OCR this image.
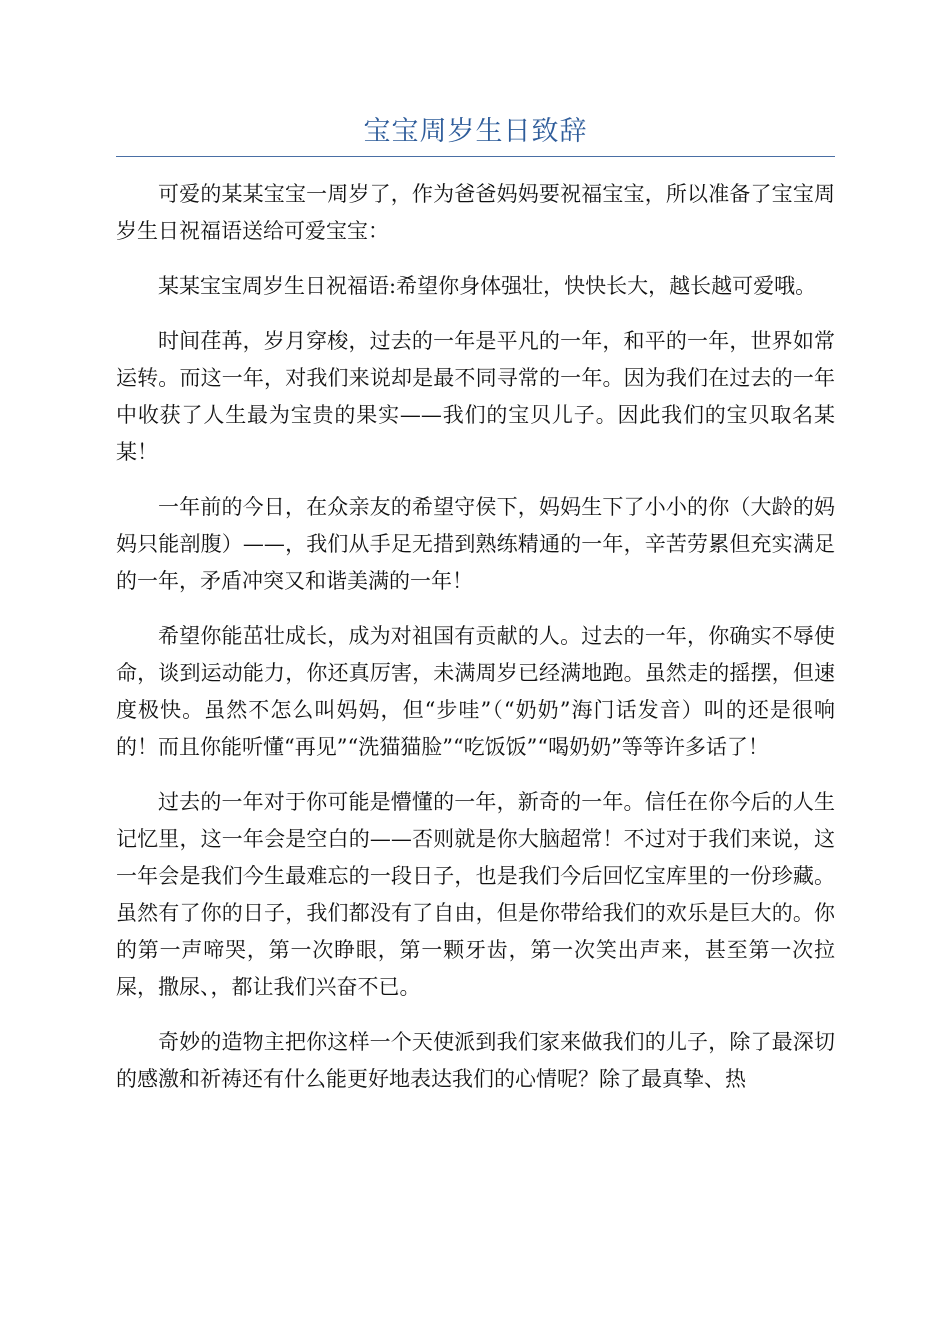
宝宝周岁生日致辞

可爱的某某宝宝一周岁了，作为爸爸妈妈要祝福宝宝，所以准备了宝宝周岁生日祝福语送给可爱宝宝：

某某宝宝周岁生日祝福语:希望你身体强壮，快快长大，越长越可爱哦。

时间荏苒，岁月穿梭，过去的一年是平凡的一年，和平的一年，世界如常运转。而这一年，对我们来说却是最不同寻常的一年。因为我们在过去的一年中收获了人生最为宝贵的果实——我们的宝贝儿子。因此我们的宝贝取名某某！

一年前的今日，在众亲友的希望守侯下，妈妈生下了小小的你（大龄的妈妈只能剖腹）——，我们从手足无措到熟练精通的一年，辛苦劳累但充实满足的一年，矛盾冲突又和谐美满的一年！

希望你能茁壮成长，成为对祖国有贡献的人。过去的一年，你确实不辱使命，谈到运动能力，你还真厉害，未满周岁已经满地跑。虽然走的摇摆，但速度极快。虽然不怎么叫妈妈，但“步哇”（“奶奶”海门话发音）叫的还是很响的！而且你能听懂“再见”“洗猫猫脸”“吃饭饭”“喝奶奶”等等许多话了！

过去的一年对于你可能是懵懂的一年，新奇的一年。信任在你今后的人生记忆里，这一年会是空白的——否则就是你大脑超常！不过对于我们来说，这一年会是我们今生最难忘的一段日子，也是我们今后回忆宝库里的一份珍藏。虽然有了你的日子，我们都没有了自由，但是你带给我们的欢乐是巨大的。你的第一声啼哭，第一次睁眼，第一颗牙齿，第一次笑出声来，甚至第一次拉屎，撒尿、，都让我们兴奋不已。

奇妙的造物主把你这样一个天使派到我们家来做我们的儿子，除了最深切的感激和祈祷还有什么能更好地表达我们的心情呢？除了最真挚、热
